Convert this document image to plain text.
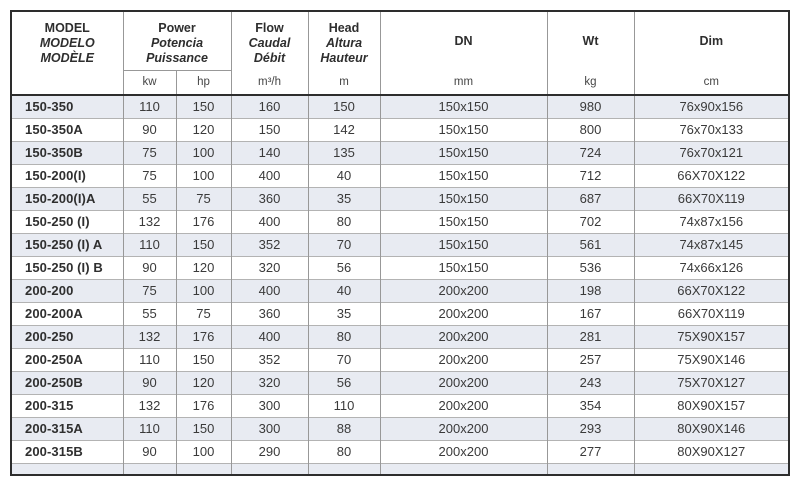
MODEL
MODELO
MODÈLE

Power
Potencia
Puissance

Flow
Caudal
Débit
m³/h

Head
Altura
Hauteur
m

DN
mm

Wt
kg

Dim
cm

	kw	hp					
150-350	110	150	160	150	150x150	980	76x90x156
150-350A	90	120	150	142	150x150	800	76x70x133
150-350B	75	100	140	135	150x150	724	76x70x121
150-200(I)	75	100	400	40	150x150	712	66X70X122
150-200(I)A	55	75	360	35	150x150	687	66X70X119
150-250 (I)	132	176	400	80	150x150	702	74x87x156
150-250 (I) A	110	150	352	70	150x150	561	74x87x145
150-250 (I) B	90	120	320	56	150x150	536	74x66x126
200-200	75	100	400	40	200x200	198	66X70X122
200-200A	55	75	360	35	200x200	167	66X70X119
200-250	132	176	400	80	200x200	281	75X90X157
200-250A	110	150	352	70	200x200	257	75X90X146
200-250B	90	120	320	56	200x200	243	75X70X127
200-315	132	176	300	110	200x200	354	80X90X157
200-315A	110	150	300	88	200x200	293	80X90X146
200-315B	90	100	290	80	200x200	277	80X90X127
